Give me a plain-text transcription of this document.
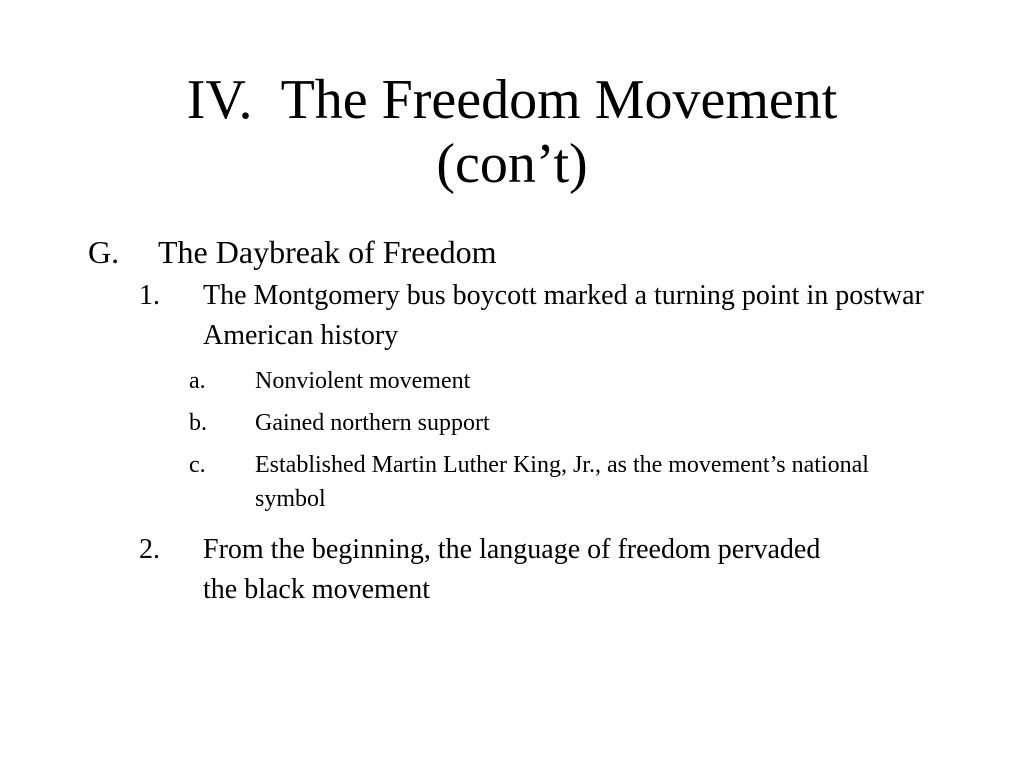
IV. The Freedom Movement
(con’t)
G. The Daybreak of Freedom
1. The Montgomery bus boycott marked a turning point in postwar American history
a. Nonviolent movement
b. Gained northern support
c. Established Martin Luther King, Jr., as the movement’s national symbol
2. From the beginning, the language of freedom pervaded the black movement
